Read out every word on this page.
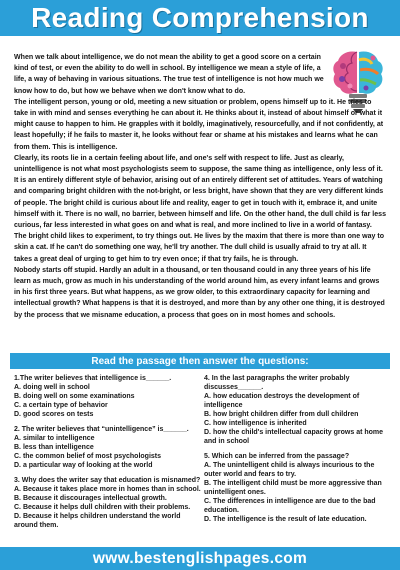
Reading Comprehension

When we talk about intelligence, we do not mean the ability to get a good score on a certain kind of test, or even the ability to do well in school. By intelligence we mean a style of life, a life, a way of behaving in various situations. The true test of intelligence is not how much we know how to do, but how we behave when we don't know what to do.

The intelligent person, young or old, meeting a new situation or problem, opens himself up to it. He tries to take in with mind and senses everything he can about it. He thinks about it, instead of about himself or what it might cause to happen to him. He grapples with it boldly, imaginatively, resourcefully, and if not confidently, at least hopefully; if he fails to master it, he looks without fear or shame at his mistakes and learns what he can from them. This is intelligence.

Clearly, its roots lie in a certain feeling about life, and one's self with respect to life. Just as clearly, unintelligence is not what most psychologists seem to suppose, the same thing as intelligence, only less of it. It is an entirely different style of behavior, arising out of an entirely different set of attitudes. Years of watching and comparing bright children with the not-bright, or less bright, have shown that they are very different kinds of people. The bright child is curious about life and reality, eager to get in touch with it, embrace it, and unite himself with it. There is no wall, no barrier, between himself and life. On the other hand, the dull child is far less curious, far less interested in what goes on and what is real, and more inclined to live in a world of fantasy.

The bright child likes to experiment, to try things out. He lives by the maxim that there is more than one way to skin a cat. If he can't do something one way, he'll try another. The dull child is usually afraid to try at all. It takes a great deal of urging to get him to try even once; if that try fails, he is through.

Nobody starts off stupid. Hardly an adult in a thousand, or ten thousand could in any three years of his life learn as much, grow as much in his understanding of the world around him, as every infant learns and grows in his first three years. But what happens, as we grow older, to this extraordinary capacity for learning and intellectual growth? What happens is that it is destroyed, and more than by any other one thing, it is destroyed by the process that we misname education, a process that goes on in most homes and schools.

Read the passage then answer the questions:
1.The writer believes that intelligence is______.
A. doing well in school
B. doing well on some examinations
C. a certain type of behavior
D. good scores on tests
2. The writer believes that “unintelligence” is______.
A. similar to intelligence
B. less than intelligence
C. the common belief of most psychologists
D. a particular way of looking at the world
3. Why does the writer say that education is misnamed?
A. Because it takes place more in homes than in school.
B. Because it discourages intellectual growth.
C. Because it helps dull children with their problems.
D. Because it helps children understand the world around them.
4. In the last paragraphs the writer probably discusses______.
A. how education destroys the development of intelligence
B. how bright children differ from dull children
C. how intelligence is inherited
D. how the child's intellectual capacity grows at home and in school
5. Which can be inferred from the passage?
A. The unintelligent child is always incurious to the outer world and fears to try.
B. The intelligent child must be more aggressive than unintelligent ones.
C. The differences in intelligence are due to the bad education.
D. The intelligence is the result of late education.
www.bestenglishpages.com
